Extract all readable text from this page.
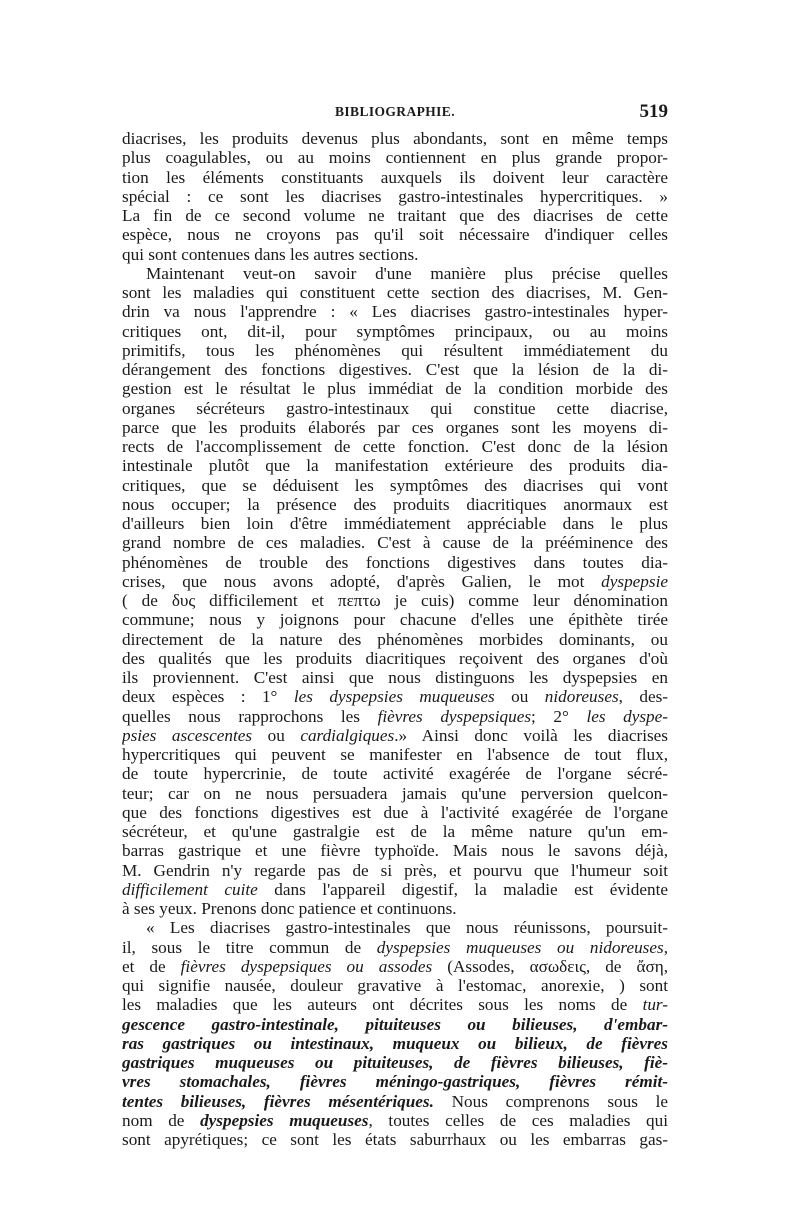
BIBLIOGRAPHIE.	519
diacrises, les produits devenus plus abondants, sont en même temps
plus coagulables, ou au moins contiennent en plus grande propor-
tion les éléments constituants auxquels ils doivent leur caractère
spécial : ce sont les diacrises gastro-intestinales hypercritiques. »
La fin de ce second volume ne traitant que des diacrises de cette
espèce, nous ne croyons pas qu'il soit nécessaire d'indiquer celles
qui sont contenues dans les autres sections.
Maintenant veut-on savoir d'une manière plus précise quelles
sont les maladies qui constituent cette section des diacrises, M. Gen-
drin va nous l'apprendre : « Les diacrises gastro-intestinales hyper-
critiques ont, dit-il, pour symptômes principaux, ou au moins
primitifs, tous les phénomènes qui résultent immédiatement du
dérangement des fonctions digestives. C'est que la lésion de la di-
gestion est le résultat le plus immédiat de la condition morbide des
organes sécréteurs gastro-intestinaux qui constitue cette diacrise,
parce que les produits élaborés par ces organes sont les moyens di-
rects de l'accomplissement de cette fonction. C'est donc de la lésion
intestinale plutôt que la manifestation extérieure des produits dia-
critiques, que se déduisent les symptômes des diacrises qui vont
nous occuper; la présence des produits diacritiques anormaux est
d'ailleurs bien loin d'être immédiatement appréciable dans le plus
grand nombre de ces maladies. C'est à cause de la prééminence des
phénomènes de trouble des fonctions digestives dans toutes dia-
crises, que nous avons adopté, d'après Galien, le mot dyspepsie
( de δυς difficilement et πεπτω je cuis) comme leur dénomination
commune; nous y joignons pour chacune d'elles une épithète tirée
directement de la nature des phénomènes morbides dominants, ou
des qualités que les produits diacritiques reçoivent des organes d'où
ils proviennent. C'est ainsi que nous distinguons les dyspepsies en
deux espèces : 1° les dyspepsies muqueuses ou nidoreuses, des-
quelles nous rapprochons les fièvres dyspepsiques; 2° les dyspe-
psies ascescentes ou cardialgiques.» Ainsi donc voilà les diacrises
hypercritiques qui peuvent se manifester en l'absence de tout flux,
de toute hypercrinie, de toute activité exagérée de l'organe sécré-
teur; car on ne nous persuadera jamais qu'une perversion quelcon-
que des fonctions digestives est due à l'activité exagérée de l'organe
sécréteur, et qu'une gastralgie est de la même nature qu'un em-
barras gastrique et une fièvre typhoïde. Mais nous le savons déjà,
M. Gendrin n'y regarde pas de si près, et pourvu que l'humeur soit
difficilement cuite dans l'appareil digestif, la maladie est évidente
à ses yeux. Prenons donc patience et continuons.
« Les diacrises gastro-intestinales que nous réunissons, poursuit-
il, sous le titre commun de dyspepsies muqueuses ou nidoreuses,
et de fièvres dyspepsiques ou assodes (Assodes, ασωδεις, de ἄση,
qui signifie nausée, douleur gravative à l'estomac, anorexie, ) sont
les maladies que les auteurs ont décrites sous les noms de tur-
gescence gastro-intestinale, pituiteuses ou bilieuses, d'embar-
ras gastriques ou intestinaux, muqueux ou bilieux, de fièvres
gastriques muqueuses ou pituiteuses, de fièvres bilieuses, fiè-
vres stomachales, fièvres méningo-gastriques, fièvres rémit-
tentes bilieuses, fièvres mésentériques. Nous comprenons sous le
nom de dyspepsies muqueuses, toutes celles de ces maladies qui
sont apyrétiques; ce sont les états saburrhaux ou les embarras gas-
